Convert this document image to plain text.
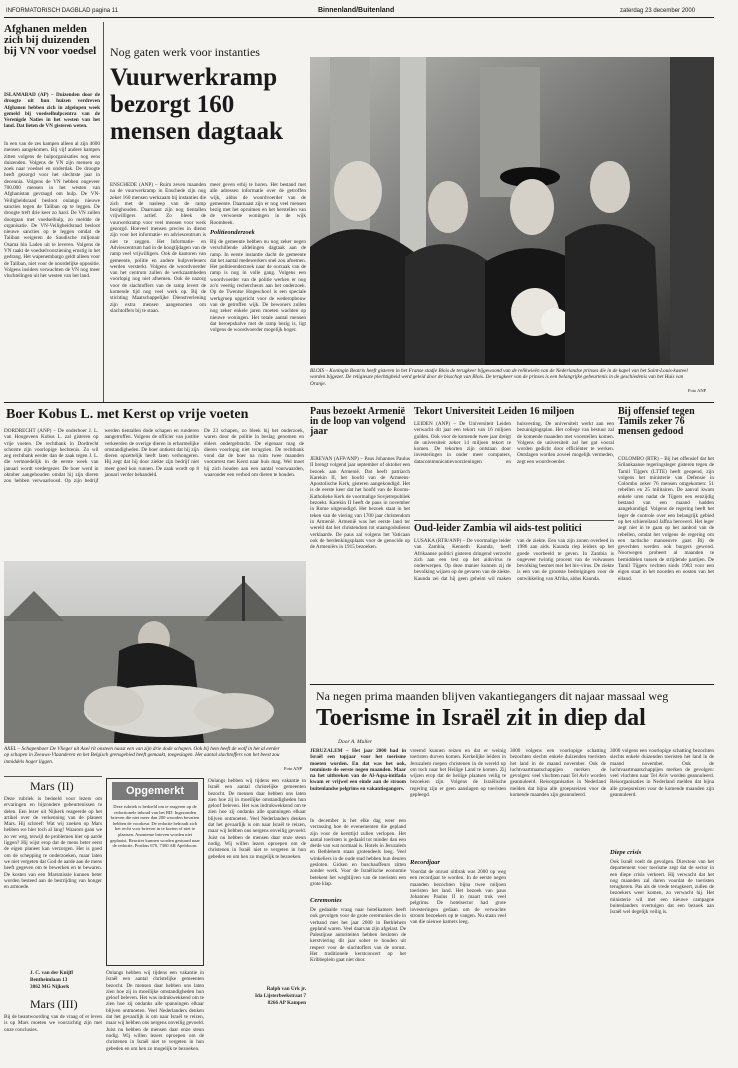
INFORMATORISCH DAGBLAD pagina 11	Binnenland/Buitenland	zaterdag 23 december 2000
Afghanen melden zich bij duizenden bij VN voor voedsel
ISLAMABAD (AP) – Duizenden door de droogte uit hun huizen verdreven Afghanen hebben zich in afgelopen week gemeld bij voedselhulpcentra van de Verenigde Naties in het westen van het land. Dat lieten de VN gisteren weten.
In een van de zes kampen alleen al zijn 4600 mensen aangekomen. Bij vijf andere kampen zitten volgens de hulporganisaties nog eens duizenden. Volgens de VN zijn mensen op zoek naar voedsel en onderdak. De droogte heeft gezorgd voor het slechtste jaar in decennia. Volgens de VN hebben ongeveer 700.000 mensen in het westen van Afghanistan gevraagd om hulp. De VN-Veiligheidsraad besloot onlangs nieuwe sancties tegen de Taliban op te leggen. De droogte treft drie keer zo hard. De VN zullen doorgaan met voedselhulp, zo meldde de organisatie. De VN-Veiligheidsraad besloot nieuwe sancties op te leggen omdat de Taliban weigeren de Saudische miljonair Osama bin Laden uit te leveren. Volgens de VN raakt de voedselvoorziening ernstig in het gedrang. Het wapenembargo geldt alleen voor de Taliban, niet voor de noordelijke oppositie. Volgens insiders verwachten de VN nog meer vluchtelingen uit het westen van het land.
Nog gaten werk voor instanties
Vuurwerkramp bezorgt 160 mensen dagtaak
ENSCHEDE (ANP) – Ruim zeven maanden na de vuurwerkramp in Enschede zijn nog zeker 160 mensen werkzaam bij instanties die zich met de nasleep van de ramp bezighouden. Daarnaast zijn nog tientallen vrijwilligers actief. Zo bleek de vuurwerkramp voor veel mensen voor werk gezorgd. Hoeveel mensen precies in dienst zijn voor het informatie- en adviescentrum is niet te zeggen. Het Informatie- en Adviescentrum had in de hoogtijdagen van de ramp veel vrijwilligers. Ook de kantoren van gemeente, politie en andere hulpverleners werden versterkt. Volgens de woordvoerder van het centrum zullen de werkzaamheden voorlopig nog niet afnemen. Ook de nazorg voor de slachtoffers van de ramp levert de komende tijd nog veel werk op. Bij de stichting Maatschappelijke Dienstverlening zijn extra mensen aangenomen om slachtoffers bij te staan.
meer geven erbij te horen. Het bestand met alle adressen informatie over de getroffen wijk, aldus de woordvoerder van de gemeente. Daarnaast zijn er nog veel mensen bezig met het opruimen en het herstellen van de verwoeste woningen in de wijk Roombeek.
Politieonderzoek
Bij de gemeente hebben nu nog zeker negen verschillende afdelingen dagtaak aan de ramp. In eerste instantie dacht de gemeente dat het aantal medewerkers snel zou afnemen. Het politieonderzoek naar de oorzaak van de ramp is nog in volle gang. Volgens een woordvoerder van de politie werken er nog zo'n veertig rechercheurs aan het onderzoek. Op de Twentse Hogeschool is een speciale werkgroep opgericht voor de wederopbouw van de getroffen wijk. De bewoners zullen nog zeker enkele jaren moeten wachten op nieuwe woningen. Het totale aantal mensen dat beroepshalve met de ramp bezig is, ligt volgens de woordvoerder mogelijk hoger.
BLOIS – Koningin Beatrix heeft gisteren in het Franse stadje Blois de terugkeer bijgewoond van de relikwieën van de Nederlandse prinses die in de kapel van het Saint-Louis-kasteel worden bijgezet. De religieuze plechtigheid werd geleid door de bisschop van Blois. De terugkeer van de prinses is een belangrijke gebeurtenis in de geschiedenis van het Huis van Oranje.
Foto ANP
Boer Kobus L. met Kerst op vrije voeten
DORDRECHT (ANP) – De onderboer J. L. van Hoogeveen Kobus L. zal gisteren op vrije voeten. De rechtbank in Dordrecht schorste zijn voorlopige hechtenis. Zo wil zeg rechtbank eerder dan de zaak tegen J. L. die vermoedelijk in de eerste week van januari wordt verdergezet. De boer werd in oktober aangehouden omdat hij zijn dieren zou hebben verwaarloosd. Op zijn bedrijf werden tientallen dode schapen en runderen aangetroffen. Volgens de officier van justitie verkeerden de overige dieren in erbarmelijke omstandigheden. De boer ontkent dat hij zijn dieren opzettelijk heeft laten verhongeren. Hij zegt dat hij door ziekte zijn bedrijf niet meer goed kon runnen. De zaak wordt op 8 januari verder behandeld.
De 23 schapen, zo bleek bij het onderzoek, waren door de politie in beslag genomen en elders ondergebracht. De eigenaar mag de dieren voorlopig niet terugzien. De rechtbank vond dat de boer na ruim twee maanden voorarrest met Kerst naar huis mag. Wel moet hij zich houden aan een aantal voorwaarden, waaronder een verbod om dieren te houden.
Paus bezoekt Armenië in de loop van volgend jaar
JEREVAN (AFP/ANP) – Paus Johannes Paulus II brengt volgend jaar september of oktober een bezoek aan Armenië. Dat heeft patriarch Karekin II, het hoofd van de Armeens-Apostolische Kerk, gisteren aangekondigd. Het is de eerste keer dat het hoofd van de Rooms-Katholieke Kerk de voormalige Sovjetrepubliek bezoekt. Karekin II heeft de paus in november in Rome uitgenodigd. Het bezoek staat in het teken van de viering van 1700 jaar christendom in Armenië. Armenië was het eerste land ter wereld dat het christendom tot staatsgodsdienst verklaarde. De paus zal volgens het Vaticaan ook de herdenkingsplaats voor de genocide op de Armeniërs in 1915 bezoeken.
Tekort Universiteit Leiden 16 miljoen
LEIDEN (ANP) – De Universiteit Leiden verwacht dit jaar een tekort van 16 miljoen gulden. Ook voor de komende twee jaar dreigt de universiteit zeker 14 miljoen tekort te komen. De tekorten zijn ontstaan door investeringen in onder meer computers, datacommunicatievoorzieningen en huisvesting. De universiteit werkt aan een bezuinigingsplan. Het college van bestuur zal de komende maanden met voorstellen komen. Volgens de universiteit zal het gat vooral worden gedicht door efficiënter te werken. Ontslagen worden zoveel mogelijk vermeden, zegt een woordvoerder.
Oud-leider Zambia wil aids-test politici
LUSAKA (RTR/ANP) – De voormalige leider van Zambia, Kenneth Kaunda, heeft Afrikaanse politici gisteren dringend verzocht zich aan een test op het aidsvirus te onderwerpen. Op deze manier kunnen zij de bevolking wijzen op de gevaren van de ziekte. Kaunda zei dat hij geen geheim wil maken van de ziekte. Een van zijn zonen overleed in 1986 aan aids. Kaunda riep leiders op het goede voorbeeld te geven. In Zambia is ongeveer twintig procent van de volwassen bevolking besmet met het hiv-virus. De ziekte is een van de grootste bedreigingen voor de ontwikkeling van Afrika, aldus Kaunda.
Bij offensief tegen Tamils zeker 76 mensen gedood
COLOMBO (RTR) – Bij het offensief dat het Srilankaanse regeringsleger gisteren tegen de Tamil Tijgers (LTTE) heeft geopend, zijn volgens het ministerie van Defensie in Colombo zeker 76 mensen omgekomen: 51 rebellen en 25 militairen. De aanval kwam enkele uren nadat de Tijgers een eenzijdig bestand van een maand hadden aangekondigd. Volgens de regering heeft het leger de controle over een belangrijk gebied op het schiereiland Jaffna heroverd. Het leger zegt niet in te gaan op het aanbod van de rebellen, omdat het volgens de regering om een tactische manoeuvre gaat. Bij de gevechten werden ook burgers gewond. Noorwegen probeert al maanden te bemiddelen tussen de strijdende partijen. De Tamil Tijgers vechten sinds 1983 voor een eigen staat in het noorden en oosten van het eiland.
AXEL – Schapenboer De Vlieger uit Axel rit onsteen naast een van zijn drie dode schapen. Ook bij hem heeft de wolf in het al eerder op schapen in Zeeuws-Vlaanderen en het Belgisch grensgebied heeft gemaakt, toegeslagen. Het aantal slachtoffers van het beest zou inmiddels hoger liggen.
Foto ANP
Na negen prima maanden blijven vakantiegangers dit najaar massaal weg
Toerisme in Israël zit in diep dal
Door A. Muller
JERUZALEM – Het jaar 2000 had in Israël een topjaar voor het toerisme moeten worden. En dat was het ook, tenminste de eerste negen maanden. Maar na het uitbreken van de Al-Aqsa-intifada kwam er vrijwel een einde aan de stroom buitenlandse pelgrims en vakantiegangers.
In december is het elke dag weer een verrassing hoe de evenementen die gepland zijn voor de kersttijd zullen verlopen. Het aantal toeristen is gedaald tot minder dan een derde van wat normaal is. Hotels in Jeruzalem en Bethlehem staan grotendeels leeg. Veel winkeliers in de oude stad hebben hun deuren gesloten. Gidsen en buschauffeurs zitten zonder werk. Voor de Israëlische economie betekent het wegblijven van de toeristen een grote klap.
Ceremonies
De gedaalde vraag naar hotelkamers heeft ook gevolgen voor de grote ceremonies die in verband met het jaar 2000 in Bethlehem gepland waren. Veel daarvan zijn afgelast. De Palestijnse autoriteiten hebben besloten de kerstviering dit jaar sober te houden uit respect voor de slachtoffers van de onrust. Het traditionele kerstconcert op het Kribbeplein gaat niet door.
vreemd kunnen reizen en dat er weinig toeristen durven komen. Kerkelijke leiders in Jeruzalem roepen christenen in de wereld op om toch naar het Heilige Land te komen. Zij wijzen erop dat de heilige plaatsen veilig te bezoeken zijn. Volgens de Israëlische regering zijn er geen aanslagen op toeristen gepleegd.
Recordjaar
Voordat de onrust uitbrak was 2000 op weg een recordjaar te worden. In de eerste negen maanden bezochten bijna twee miljoen toeristen het land. Het bezoek van paus Johannes Paulus II in maart trok veel pelgrims. De hotelsector had grote investeringen gedaan om de verwachte stroom bezoekers op te vangen. Nu staan veel van die nieuwe kamers leeg.
3000 volgens een voorlopige schatting bezochten slechts enkele duizenden toeristen het land in de maand november. Ook de luchtvaartmaatschappijen merken de gevolgen: veel vluchten naar Tel Aviv worden geannuleerd. Reisorganisaties in Nederland melden dat bijna alle groepsreizen voor de komende maanden zijn geannuleerd.
3000 volgens een voorlopige schatting bezochten slechts enkele duizenden toeristen het land in de maand november. Ook de luchtvaartmaatschappijen merken de gevolgen: veel vluchten naar Tel Aviv worden geannuleerd. Reisorganisaties in Nederland melden dat bijna alle groepsreizen voor de komende maanden zijn geannuleerd.
Diepe crisis
Ook Israël voelt de gevolgen. Directeur van het departement voor toerisme zegt dat de sector in een diepe crisis verkeert. Hij verwacht dat het nog maanden zal duren voordat de toeristen terugkeren. Pas als de vrede terugkeert, zullen de bezoekers weer komen, zo verwacht hij. Het ministerie wil met een nieuwe campagne buitenlanders overtuigen dat een bezoek aan Israël wel degelijk veilig is.
Mars (II)
Deze rubriek is bedoeld voor lezers om ervaringen en bijzondere gebeurtenissen te delen. Een lezer uit Nijkerk reageerde op het artikel over de verkenning van de planeet Mars. Hij schreef: Wat wij zoeken op Mars hebben we hier toch al lang! Waarom gaan we zo ver weg, terwijl de problemen hier op aarde liggen? Hij wijst erop dat de mens beter eerst de eigen planeet kan verzorgen. Het is goed om de schepping te onderzoeken, maar laten we niet vergeten dat God de aarde aan de mens heeft gegeven om te bewerken en te bewaren. De kosten van een Marsmissie kunnen beter worden besteed aan de bestrijding van honger en armoede.
J. C. van der Knijff
Bentheimlaan 13
3862 MG Nijkerk
Mars (III)
Bij de beantwoording van de vraag of er leven is op Mars moeten we voorzichtig zijn met onze conclusies.
Opgemerkt
Deze rubriek is bedoeld om te reageren op de redactionele inhoud van het RD. Ingezonden brieven die niet meer dan 200 woorden bevatten hebben de voorkeur. De redactie behoudt zich het recht voor brieven in te korten of niet te plaatsen. Anonieme brieven worden niet geplaatst. Reacties kunnen worden gestuurd naar de redactie, Postbus 670, 7300 AR Apeldoorn.
Onlangs hebben wij tijdens een vakantie in Israël een aantal christelijke gemeenten bezocht. De mensen daar hebben ons laten zien hoe zij in moeilijke omstandigheden hun geloof beleven. Het was indrukwekkend om te zien hoe zij ondanks alle spanningen elkaar blijven ontmoeten. Veel Nederlanders denken dat het gevaarlijk is om naar Israël te reizen, maar wij hebben ons nergens onveilig gevoeld. Juist nu hebben de mensen daar onze steun nodig. Wij willen lezers oproepen om de christenen in Israël niet te vergeten in hun gebeden en om hen zo mogelijk te bezoeken.
Onlangs hebben wij tijdens een vakantie in Israël een aantal christelijke gemeenten bezocht. De mensen daar hebben ons laten zien hoe zij in moeilijke omstandigheden hun geloof beleven. Het was indrukwekkend om te zien hoe zij ondanks alle spanningen elkaar blijven ontmoeten. Veel Nederlanders denken dat het gevaarlijk is om naar Israël te reizen, maar wij hebben ons nergens onveilig gevoeld. Juist nu hebben de mensen daar onze steun nodig. Wij willen lezers oproepen om de christenen in Israël niet te vergeten in hun gebeden en om hen zo mogelijk te bezoeken.
Ralph van Urk jr.
Ida Lijsterbeekstraat 7
8266 AP Kampen
